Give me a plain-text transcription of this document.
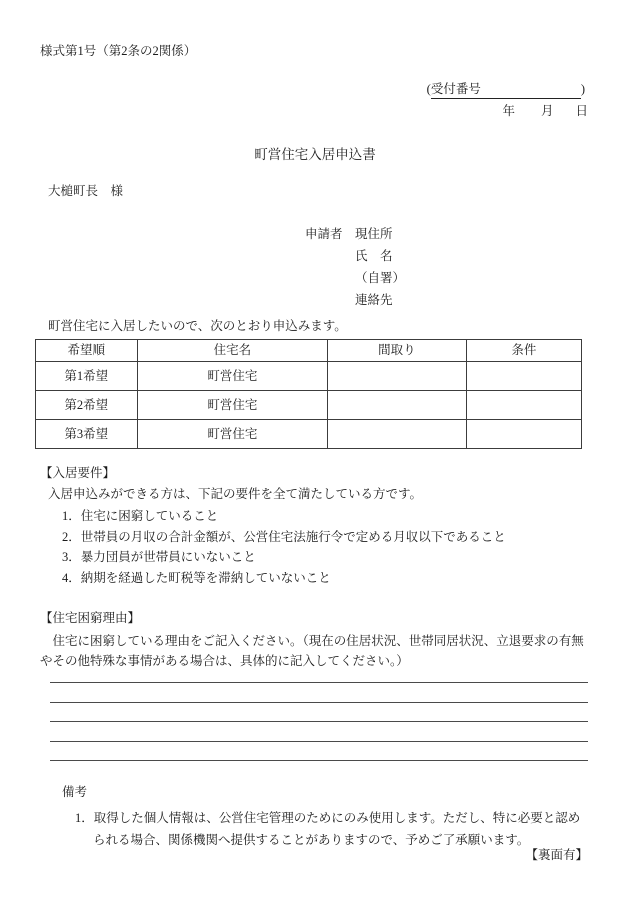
様式第1号（第2条の2関係）
(受付番号	)
年 月 日
町営住宅入居申込書
大槌町長　様
申請者 現住所
氏　名
（自署）
連絡先
町営住宅に入居したいので、次のとおり申込みます。
希望順	住宅名	間取り	条件
第1希望	町営住宅		
第2希望	町営住宅		
第3希望	町営住宅		
【入居要件】
入居申込みができる方は、下記の要件を全て満たしている方です。
1．住宅に困窮していること
2．世帯員の月収の合計金額が、公営住宅法施行令で定める月収以下であること
3．暴力団員が世帯員にいないこと
4．納期を経過した町税等を滞納していないこと
【住宅困窮理由】
住宅に困窮している理由をご記入ください。（現在の住居状況、世帯同居状況、立退要求の有無やその他特殊な事情がある場合は、具体的に記入してください。）
備考
1．取得した個人情報は、公営住宅管理のためにのみ使用します。ただし、特に必要と認められる場合、関係機関へ提供することがありますので、予めご了承願います。
【裏面有】
